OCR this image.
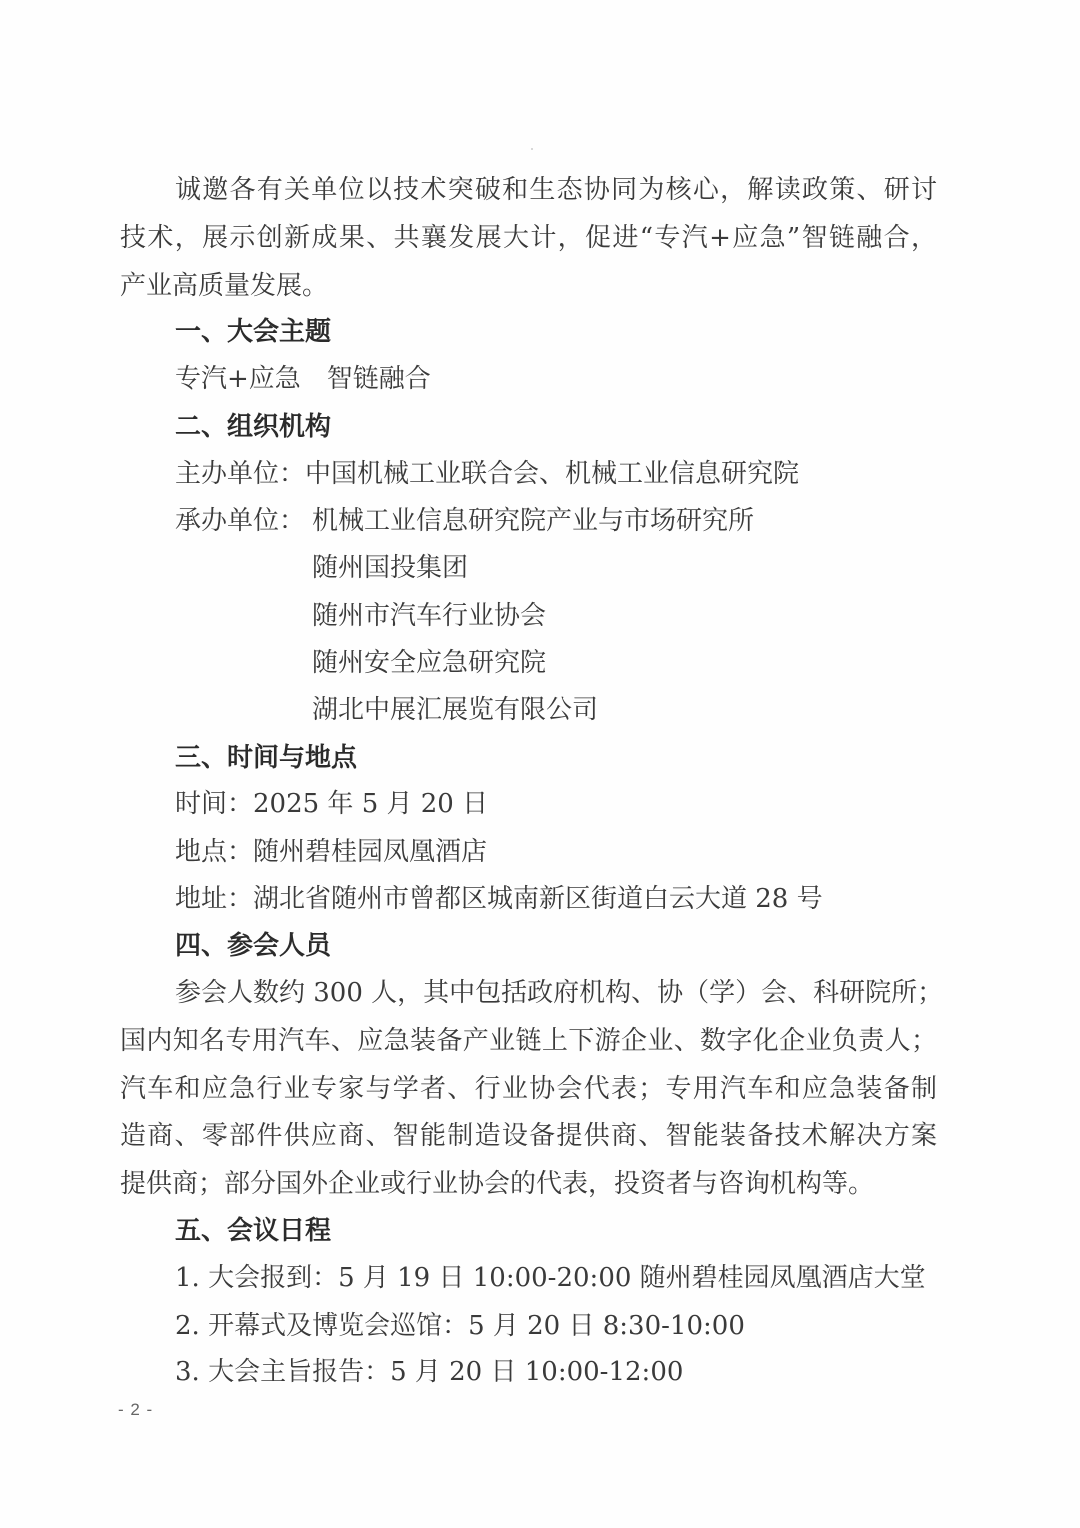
诚邀各有关单位以技术突破和生态协同为核心，解读政策、研讨
技术，展示创新成果、共襄发展大计，促进“专汽+应急”智链融合，
产业高质量发展。
一、大会主题
专汽+应急　智链融合
二、组织机构
主办单位：中国机械工业联合会、机械工业信息研究院
承办单位： 机械工业信息研究院产业与市场研究所
随州国投集团
随州市汽车行业协会
随州安全应急研究院
湖北中展汇展览有限公司
三、时间与地点
时间：2025 年 5 月 20 日
地点：随州碧桂园凤凰酒店
地址：湖北省随州市曾都区城南新区街道白云大道 28 号
四、参会人员
参会人数约 300 人，其中包括政府机构、协（学）会、科研院所；
国内知名专用汽车、应急装备产业链上下游企业、数字化企业负责人；
汽车和应急行业专家与学者、行业协会代表；专用汽车和应急装备制
造商、零部件供应商、智能制造设备提供商、智能装备技术解决方案
提供商；部分国外企业或行业协会的代表，投资者与咨询机构等。
五、会议日程
1. 大会报到：5 月 19 日 10:00-20:00 随州碧桂园凤凰酒店大堂
2. 开幕式及博览会巡馆：5 月 20 日 8:30-10:00
3. 大会主旨报告：5 月 20 日 10:00-12:00
- 2 -
